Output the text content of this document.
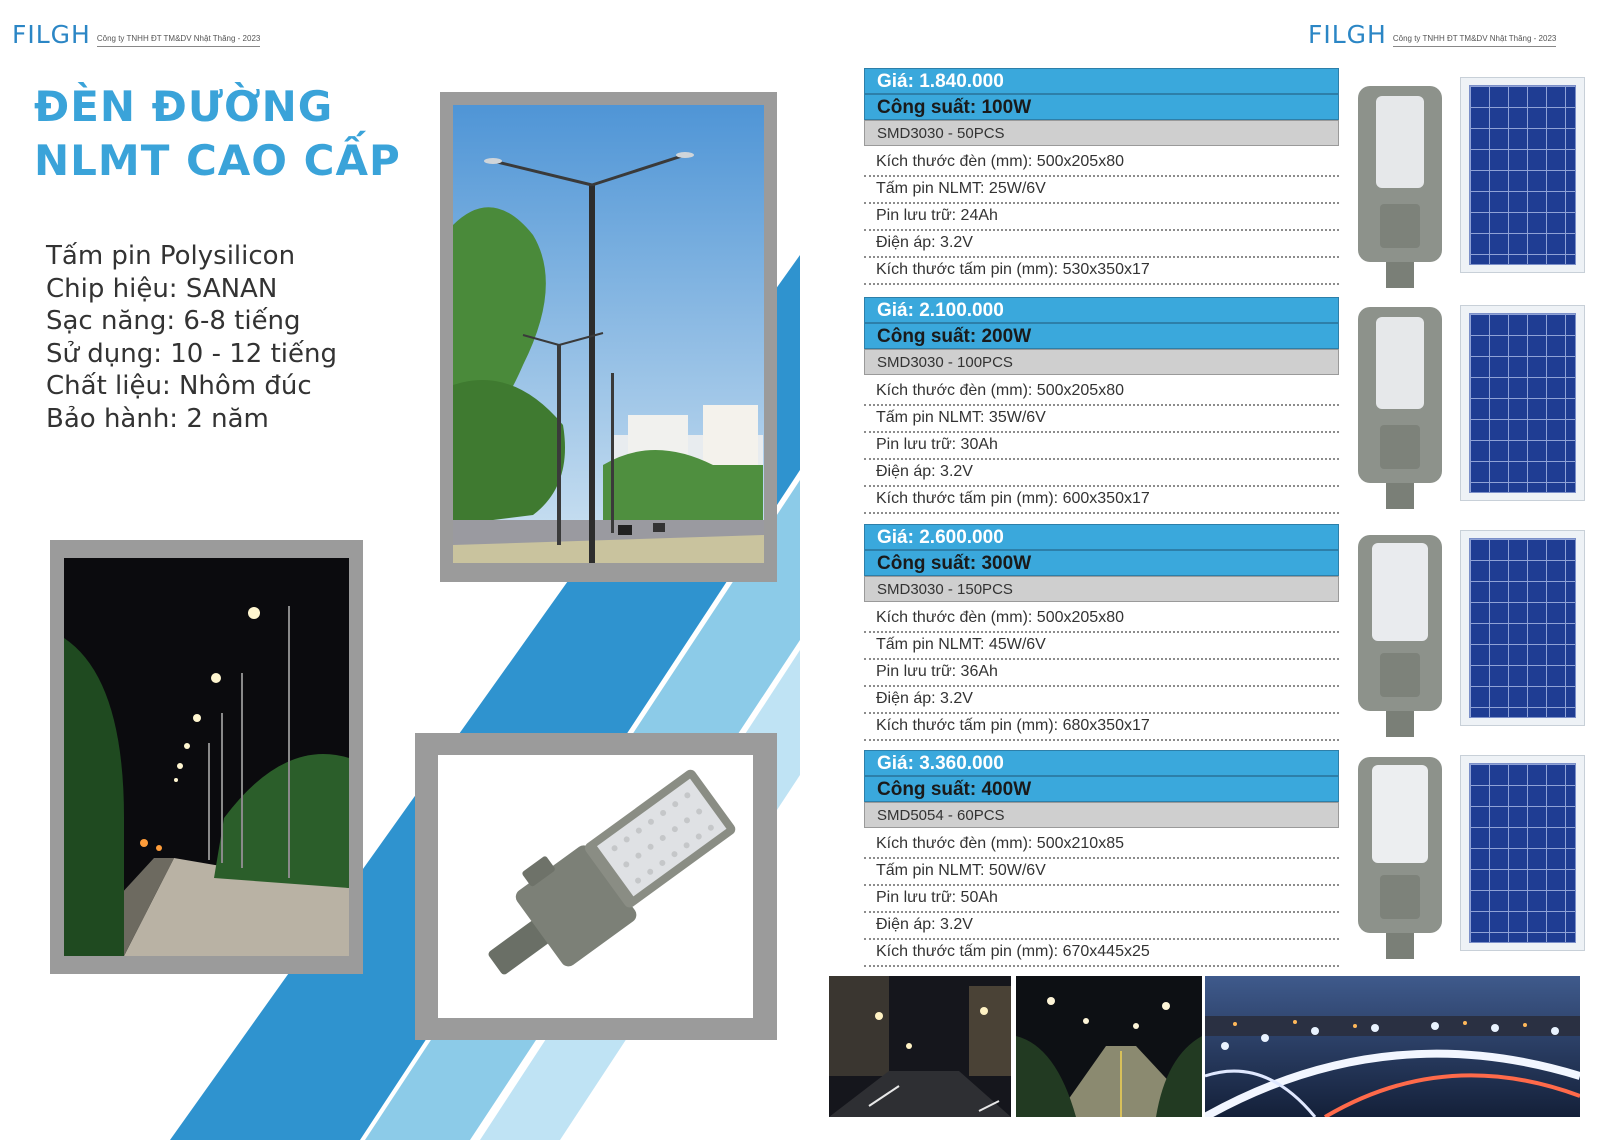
FILGH Công ty TNHH ĐT TM&DV Nhật Thăng - 2023	FILGH Công ty TNHH ĐT TM&DV Nhật Thăng - 2023
ĐÈN ĐƯỜNG
NLMT CAO CẤP
Tấm pin Polysilicon
Chip hiệu: SANAN
Sạc năng: 6-8 tiếng
Sử dụng: 10 - 12 tiếng
Chất liệu: Nhôm đúc
Bảo hành: 2 năm
Giá: 1.840.000
Công suất: 100W
SMD3030 - 50PCS
Kích thước đèn (mm): 500x205x80
Tấm pin NLMT: 25W/6V
Pin lưu trữ: 24Ah
Điện áp: 3.2V
Kích thước tấm pin (mm): 530x350x17
Giá: 2.100.000
Công suất: 200W
SMD3030 - 100PCS
Kích thước đèn (mm): 500x205x80
Tấm pin NLMT: 35W/6V
Pin lưu trữ: 30Ah
Điện áp: 3.2V
Kích thước tấm pin (mm): 600x350x17
Giá: 2.600.000
Công suất: 300W
SMD3030 - 150PCS
Kích thước đèn (mm): 500x205x80
Tấm pin NLMT: 45W/6V
Pin lưu trữ: 36Ah
Điện áp: 3.2V
Kích thước tấm pin (mm): 680x350x17
Giá: 3.360.000
Công suất: 400W
SMD5054 - 60PCS
Kích thước đèn (mm): 500x210x85
Tấm pin NLMT: 50W/6V
Pin lưu trữ: 50Ah
Điện áp: 3.2V
Kích thước tấm pin (mm): 670x445x25
